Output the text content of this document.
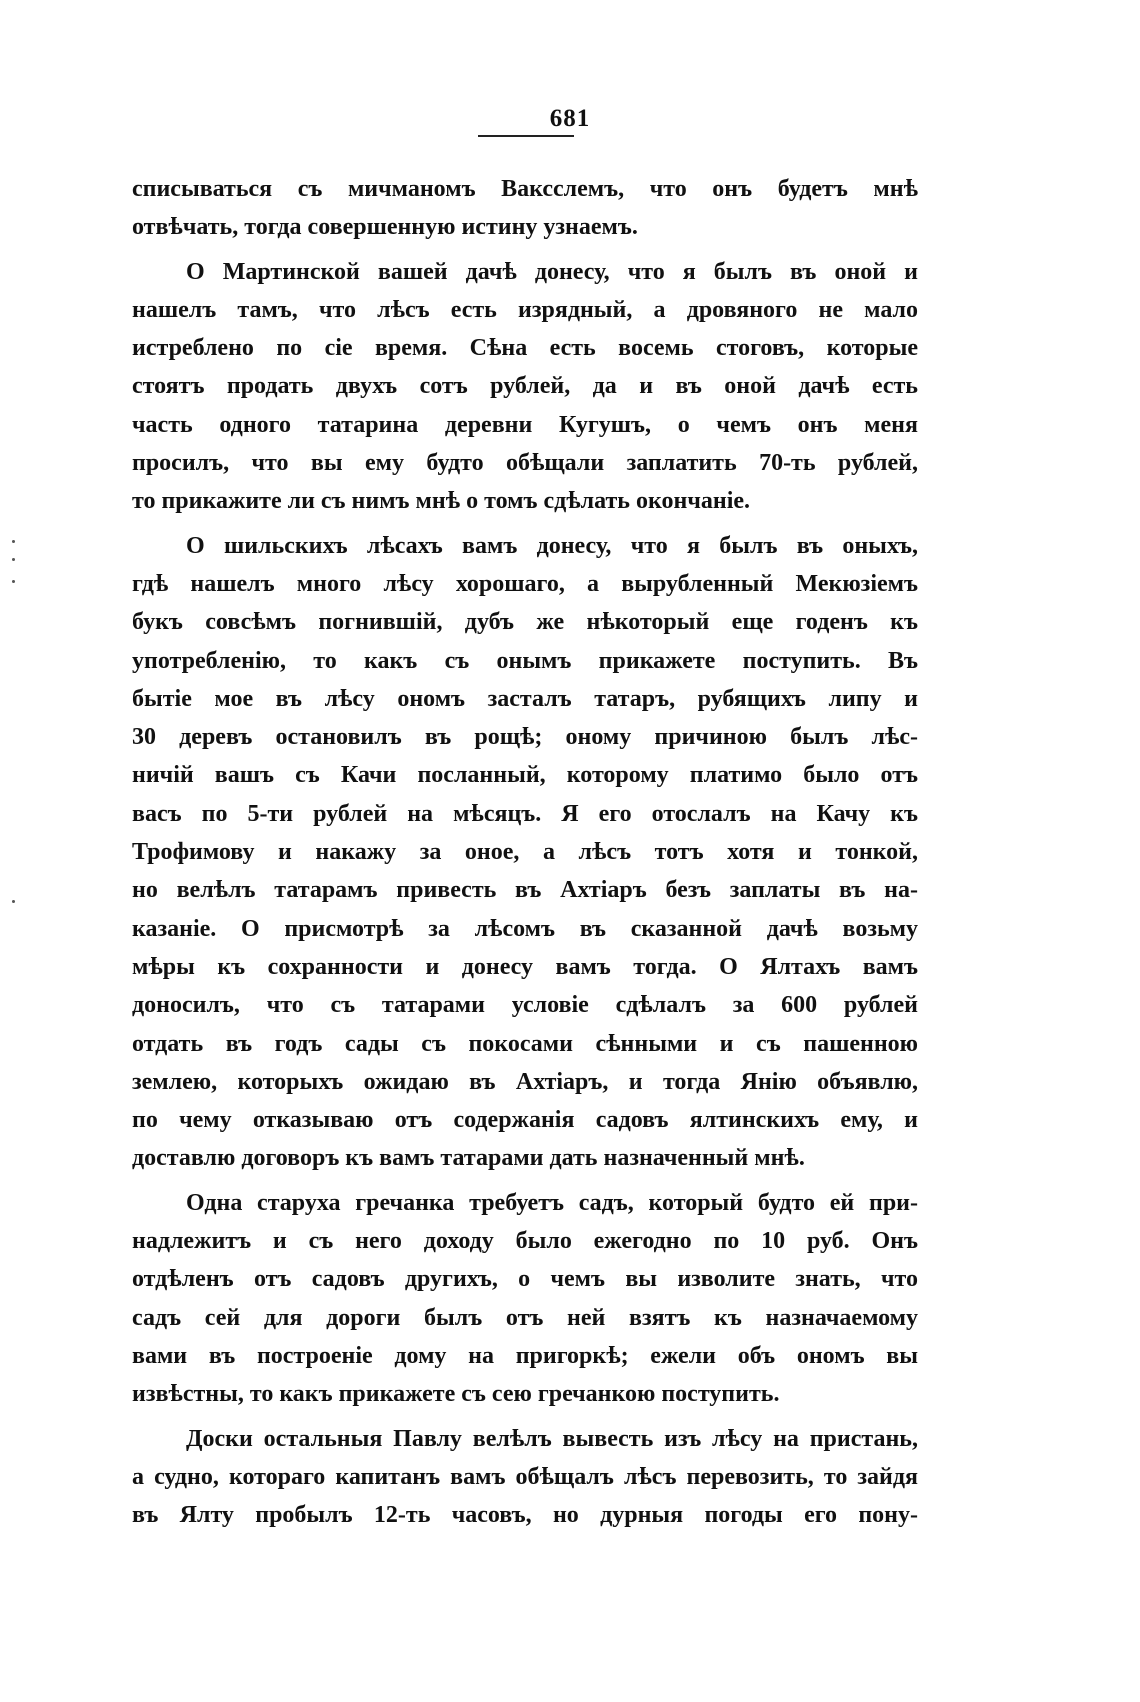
681
списываться съ мичманомъ Ваксслемъ, что онъ будетъ мнѣ
отвѣчать, тогда совершенную истину узнаемъ.
О Мартинской вашей дачѣ донесу, что я былъ въ оной и
нашелъ тамъ, что лѣсъ есть изрядный, а дровяного не мало
истреблено по сіе время. Сѣна есть восемь стоговъ, которые
стоятъ продать двухъ сотъ рублей, да и въ оной дачѣ есть
часть одного татарина деревни Кугушъ, о чемъ онъ меня
просилъ, что вы ему будто обѣщали заплатить 70-ть рублей,
то прикажите ли съ нимъ мнѣ о томъ сдѣлать окончаніе.
О шильскихъ лѣсахъ вамъ донесу, что я былъ въ оныхъ,
гдѣ нашелъ много лѣсу хорошаго, а вырубленный Мекюзіемъ
букъ совсѣмъ погнившій, дубъ же нѣкоторый еще годенъ къ
употребленію, то какъ съ онымъ прикажете поступить. Въ
бытіе мое въ лѣсу ономъ засталъ татаръ, рубящихъ липу и
30 деревъ остановилъ въ рощѣ; оному причиною былъ лѣс-
ничій вашъ съ Качи посланный, которому платимо было отъ
васъ по 5-ти рублей на мѣсяцъ. Я его отослалъ на Качу къ
Трофимову и накажу за оное, а лѣсъ тотъ хотя и тонкой,
но велѣлъ татарамъ привесть въ Ахтіаръ безъ заплаты въ на-
казаніе. О присмотрѣ за лѣсомъ въ сказанной дачѣ возьму
мѣры къ сохранности и донесу вамъ тогда. О Ялтахъ вамъ
доносилъ, что съ татарами условіе сдѣлалъ за 600 рублей
отдать въ годъ сады съ покосами сѣнными и съ пашенною
землею, которыхъ ожидаю въ Ахтіаръ, и тогда Янію объявлю,
по чему отказываю отъ содержанія садовъ ялтинскихъ ему, и
доставлю договоръ къ вамъ татарами дать назначенный мнѣ.
Одна старуха гречанка требуетъ садъ, который будто ей при-
надлежитъ и съ него доходу было ежегодно по 10 руб. Онъ
отдѣленъ отъ садовъ другихъ, о чемъ вы изволите знать, что
садъ сей для дороги былъ отъ ней взятъ къ назначаемому
вами въ построеніе дому на пригоркѣ; ежели объ ономъ вы
извѣстны, то какъ прикажете съ сею гречанкою поступить.
Доски остальныя Павлу велѣлъ вывесть изъ лѣсу на пристань,
а судно, котораго капитанъ вамъ обѣщалъ лѣсъ перевозить, то зайдя
въ Ялту пробылъ 12-ть часовъ, но дурныя погоды его пону-
